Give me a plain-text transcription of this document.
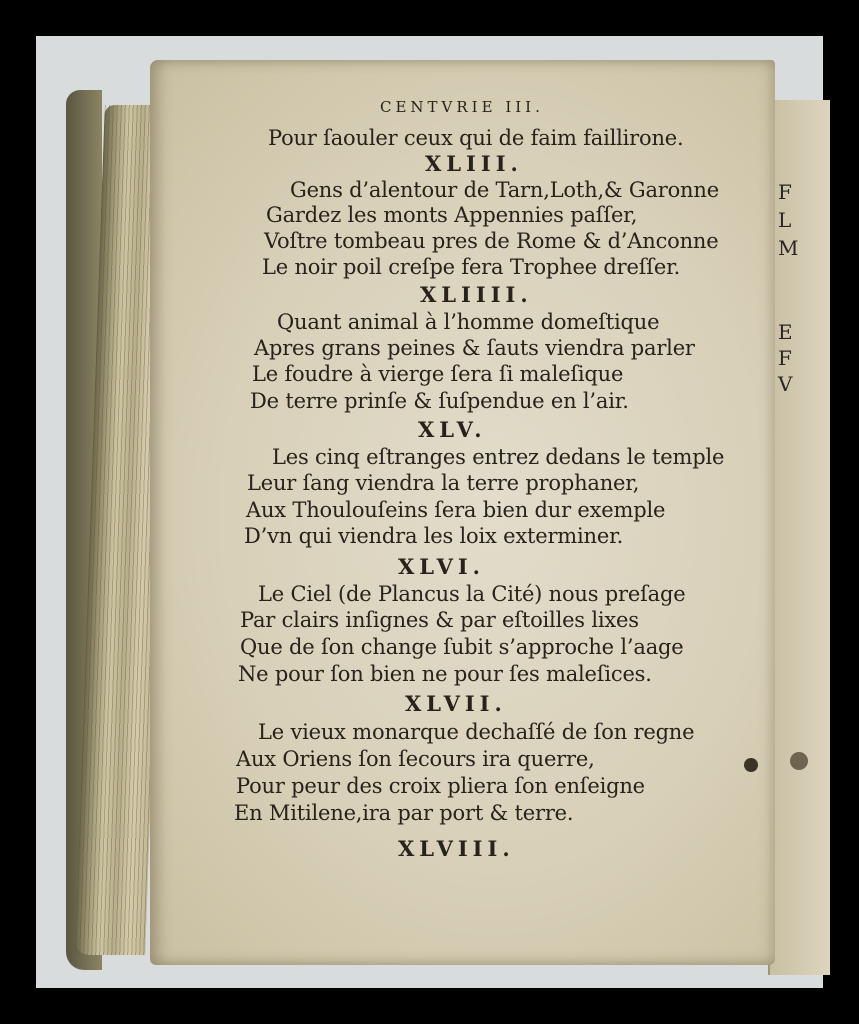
F
L
M
E
F
V
CENTVRIE III.
Pour ſaouler ceux qui de faim faillirone.
XLIII.
Gens d’alentour de Tarn,Loth,& Garonne
Gardez les monts Appennies paſſer,
Voſtre tombeau pres de Rome & d’Anconne
Le noir poil creſpe fera Trophee dreſſer.
XLIIII.
Quant animal à l’homme domeſtique
Apres grans peines & ſauts viendra parler
Le foudre à vierge ſera ſi maleſique
De terre prinſe & ſuſpendue en l’air.
XLV.
Les cinq eſtranges entrez dedans le temple
Leur ſang viendra la terre prophaner,
Aux Thoulouſeins ſera bien dur exemple
D’vn qui viendra les loix exterminer.
XLVI.
Le Ciel (de Plancus la Cité) nous preſage
Par clairs inſignes & par eſtoilles lixes
Que de ſon change ſubit s’approche l’aage
Ne pour ſon bien ne pour ſes maleſices.
XLVII.
Le vieux monarque dechaſſé de ſon regne
Aux Oriens ſon ſecours ira querre,
Pour peur des croix pliera ſon enſeigne
En Mitilene,ira par port & terre.
XLVIII.
